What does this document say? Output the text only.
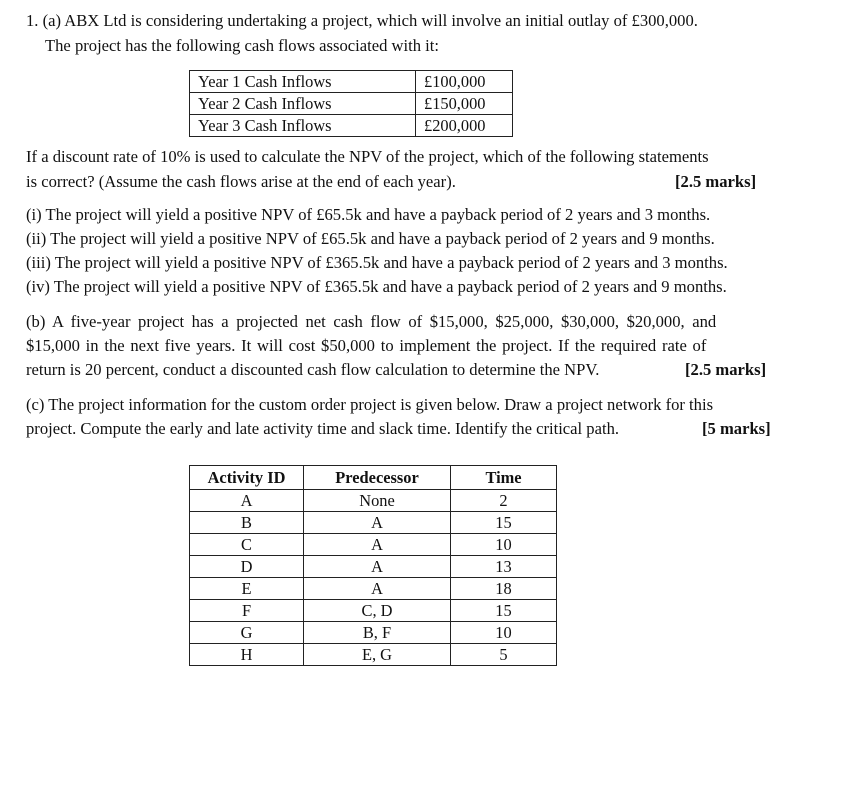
1. (a) ABX Ltd is considering undertaking a project, which will involve an initial outlay of £300,000.
The project has the following cash flows associated with it:
Year 1 Cash Inflows	£100,000
Year 2 Cash Inflows	£150,000
Year 3 Cash Inflows	£200,000
If a discount rate of 10% is used to calculate the NPV of the project, which of the following statements
is correct? (Assume the cash flows arise at the end of each year).	[2.5 marks]
(i) The project will yield a positive NPV of £65.5k and have a payback period of 2 years and 3 months.
(ii) The project will yield a positive NPV of £65.5k and have a payback period of 2 years and 9 months.
(iii) The project will yield a positive NPV of £365.5k and have a payback period of 2 years and 3 months.
(iv) The project will yield a positive NPV of £365.5k and have a payback period of 2 years and 9 months.
(b) A five-year project has a projected net cash flow of $15,000, $25,000, $30,000, $20,000, and
$15,000 in the next five years. It will cost $50,000 to implement the project. If the required rate of
return is 20 percent, conduct a discounted cash flow calculation to determine the NPV.	[2.5 marks]
(c) The project information for the custom order project is given below. Draw a project network for this
project. Compute the early and late activity time and slack time. Identify the critical path.	[5 marks]
Activity ID	Predecessor	Time
A	None	2
B	A	15
C	A	10
D	A	13
E	A	18
F	C, D	15
G	B, F	10
H	E, G	5
